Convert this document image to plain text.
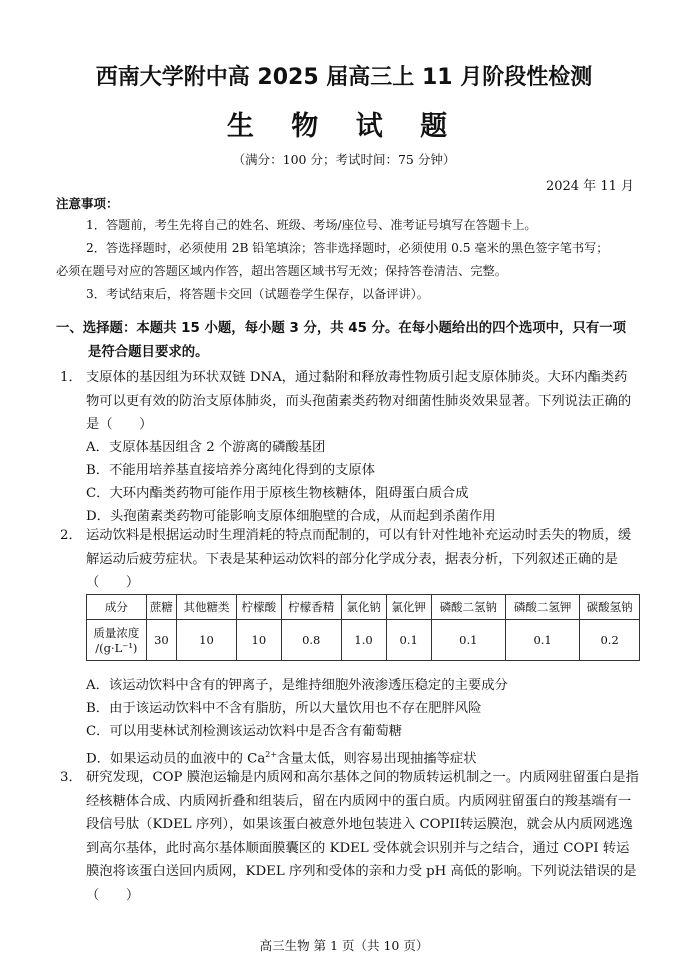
西南大学附中高 2025 届高三上 11 月阶段性检测
生 物 试 题
（满分：100 分；考试时间：75 分钟）
2024 年 11 月
注意事项：
1．答题前，考生先将自己的姓名、班级、考场/座位号、准考证号填写在答题卡上。
2．答选择题时，必须使用 2B 铅笔填涂；答非选择题时，必须使用 0.5 毫米的黑色签字笔书写；
必须在题号对应的答题区域内作答，超出答题区域书写无效；保持答卷清洁、完整。
3．考试结束后，将答题卡交回（试题卷学生保存，以备评讲）。
一、选择题：本题共 15 小题，每小题 3 分，共 45 分。在每小题给出的四个选项中，只有一项
是符合题目要求的。
1． 支原体的基因组为环状双链 DNA，通过黏附和释放毒性物质引起支原体肺炎。大环内酯类药物可以更有效的防治支原体肺炎，而头孢菌素类药物对细菌性肺炎效果显著。下列说法正确的是（　　）
A．支原体基因组含 2 个游离的磷酸基团
B．不能用培养基直接培养分离纯化得到的支原体
C．大环内酯类药物可能作用于原核生物核糖体，阻碍蛋白质合成
D．头孢菌素类药物可能影响支原体细胞壁的合成，从而起到杀菌作用
2． 运动饮料是根据运动时生理消耗的特点而配制的，可以有针对性地补充运动时丢失的物质，缓解运动后疲劳症状。下表是某种运动饮料的部分化学成分表，据表分析，下列叙述正确的是（　　）
成分	蔗糖	其他糖类	柠檬酸	柠檬香精	氯化钠	氯化钾	磷酸二氢钠	磷酸二氢钾	碳酸氢钠

质量浓度
/(g·L⁻¹)	30	10	10	0.8	1.0	0.1	0.1	0.1	0.2
A．该运动饮料中含有的钾离子，是维持细胞外液渗透压稳定的主要成分
B．由于该运动饮料中不含有脂肪，所以大量饮用也不存在肥胖风险
C．可以用斐林试剂检测该运动饮料中是否含有葡萄糖
D．如果运动员的血液中的 $Ca^{2+}$含量太低，则容易出现抽搐等症状
3． 研究发现，COP 膜泡运输是内质网和高尔基体之间的物质转运机制之一。内质网驻留蛋白是指经核糖体合成、内质网折叠和组装后，留在内质网中的蛋白质。内质网驻留蛋白的羧基端有一段信号肽（KDEL 序列），如果该蛋白被意外地包装进入 COPII转运膜泡，就会从内质网逃逸到高尔基体，此时高尔基体顺面膜囊区的 KDEL 受体就会识别并与之结合，通过 COPI 转运膜泡将该蛋白送回内质网，KDEL 序列和受体的亲和力受 pH 高低的影响。下列说法错误的是（　　）
高三生物 第 1 页（共 10 页）
